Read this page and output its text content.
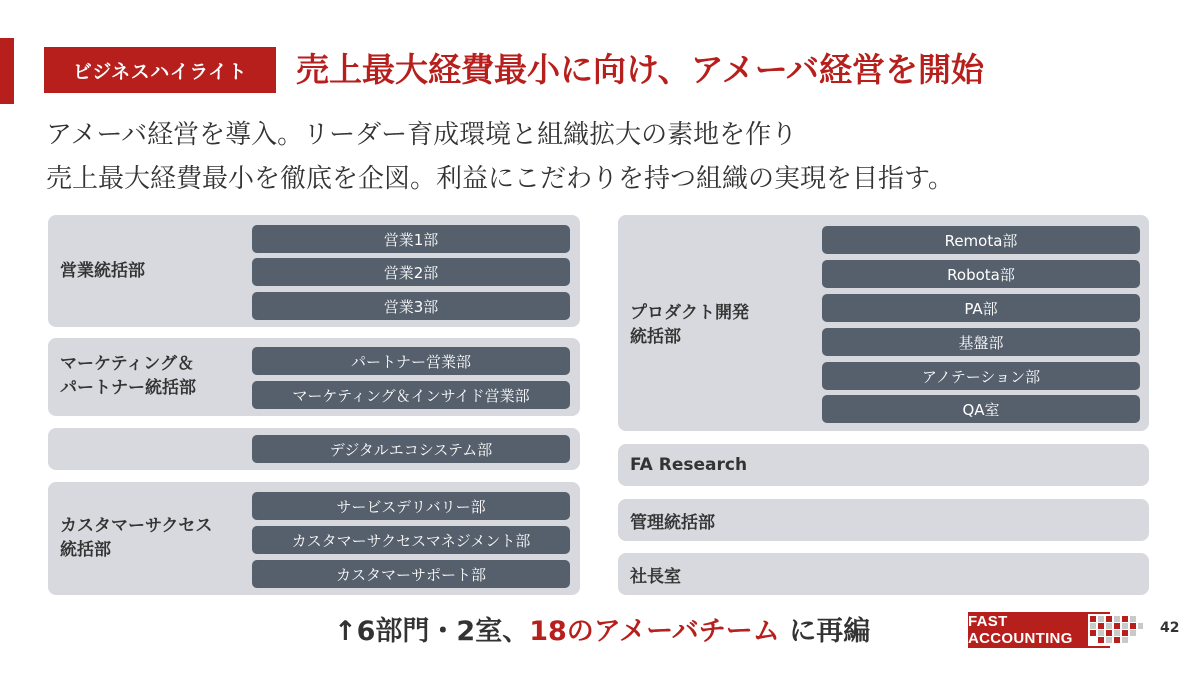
ビジネスハイライト	売上最大経費最小に向け、アメーバ経営を開始
アメーバ経営を導入。リーダー育成環境と組織拡大の素地を作り
売上最大経費最小を徹底を企図。利益にこだわりを持つ組織の実現を目指す。
営業統括部
営業1部
営業2部
営業3部
マーケティング＆
パートナー統括部
パートナー営業部
マーケティング＆インサイド営業部
デジタルエコシステム部
カスタマーサクセス
統括部
サービスデリバリー部
カスタマーサクセスマネジメント部
カスタマーサポート部
プロダクト開発
統括部
Remota部
Robota部
PA部
基盤部
アノテーション部
QA室
FA Research
管理統括部
社長室
↑6部門・2室、18のアメーバチーム に再編	FAST ACCOUNTING
42
